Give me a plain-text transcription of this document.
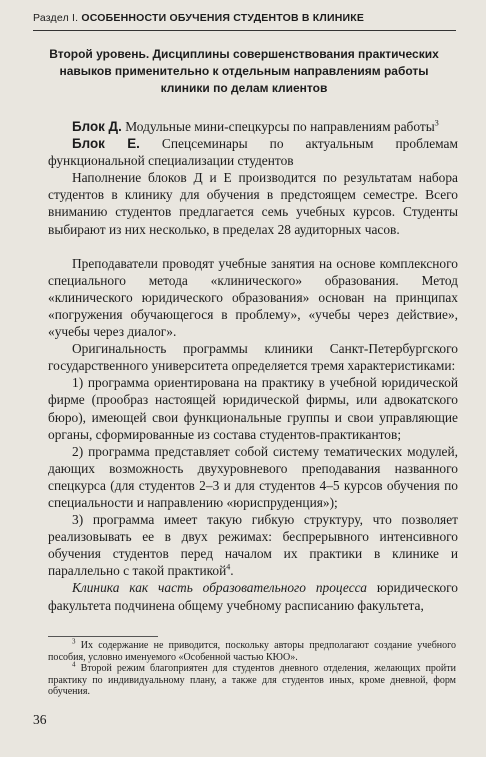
Раздел I. ОСОБЕННОСТИ ОБУЧЕНИЯ СТУДЕНТОВ В КЛИНИКЕ
Второй уровень. Дисциплины совершенствования практических навыков применительно к отдельным направлениям работы клиники по делам клиентов

Блок Д. Модульные мини-спецкурсы по направлениям работы$^3$

Блок Е. Спецсеминары по актуальным проблемам функциональной специализации студентов

Наполнение блоков Д и Е производится по результатам набора студентов в клинику для обучения в предстоящем семестре. Всего вниманию студентов предлагается семь учебных курсов. Студенты выбирают из них несколько, в пределах 28 аудиторных часов.

Преподаватели проводят учебные занятия на основе комплексного специального метода «клинического» образования. Метод «клинического юридического образования» основан на принципах «погружения обучающегося в проблему», «учебы через действие», «учебы через диалог».

Оригинальность программы клиники Санкт-Петербургского государственного университета определяется тремя характеристиками:

1) программа ориентирована на практику в учебной юридической фирме (прообраз настоящей юридической фирмы, или адвокатского бюро), имеющей свои функциональные группы и свои управляющие органы, сформированные из состава студентов-практикантов;

2) программа представляет собой систему тематических модулей, дающих возможность двухуровневого преподавания названного спецкурса (для студентов 2–3 и для студентов 4–5 курсов обучения по специальности и направлению «юриспруденция»);

3) программа имеет такую гибкую структуру, что позволяет реализовывать ее в двух режимах: беспрерывного интенсивного обучения студентов перед началом их практики в клинике и параллельно с такой практикой$^4$.

Клиника как часть образовательного процесса юридического факультета подчинена общему учебному расписанию факультета,

$^3$ Их содержание не приводится, поскольку авторы предполагают создание учебного пособия, условно именуемого «Особенной частью КЮО».

$^4$ Второй режим благоприятен для студентов дневного отделения, желающих пройти практику по индивидуальному плану, а также для студентов иных, кроме дневной, форм обучения.

36
